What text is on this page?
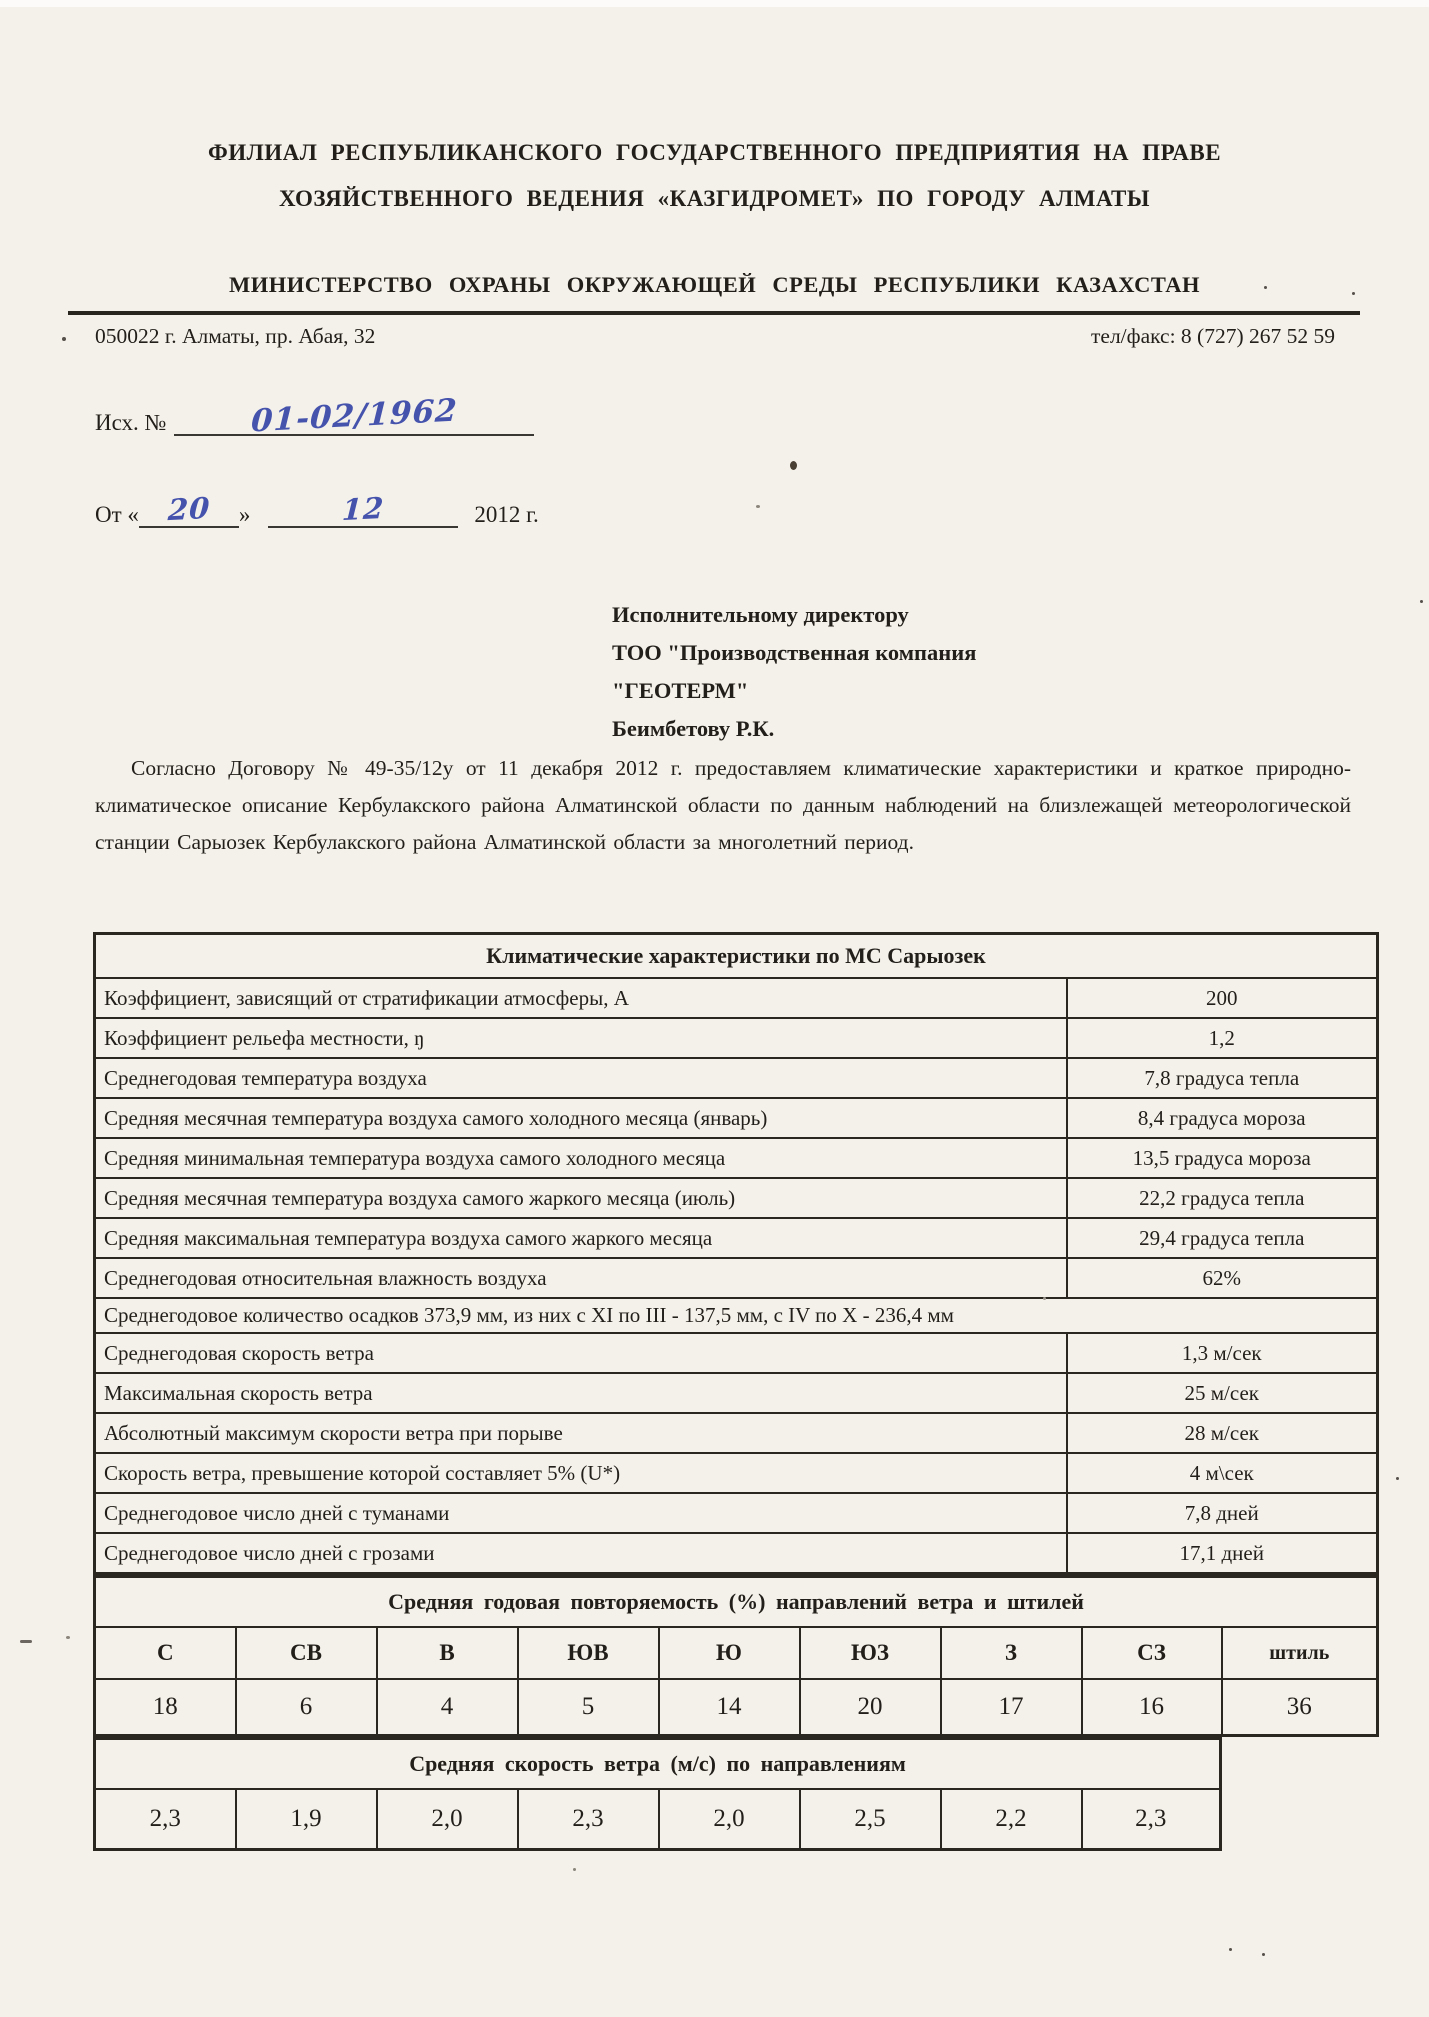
ФИЛИАЛ РЕСПУБЛИКАНСКОГО ГОСУДАРСТВЕННОГО ПРЕДПРИЯТИЯ НА ПРАВЕ
ХОЗЯЙСТВЕННОГО ВЕДЕНИЯ «КАЗГИДРОМЕТ» ПО ГОРОДУ АЛМАТЫ
МИНИСТЕРСТВО ОХРАНЫ ОКРУЖАЮЩЕЙ СРЕДЫ РЕСПУБЛИКИ КАЗАХСТАН
050022 г. Алматы, пр. Абая, 32	тел/факс: 8 (727) 267 52 59
Исх. №	01-02/1962
От « 20	»	12	2012 г.
Исполнительному директору
ТОО "Производственная компания
"ГЕОТЕРМ"
Беимбетову Р.К.
Согласно Договору № 49-35/12у от 11 декабря 2012 г. предоставляем климатические характеристики и краткое природно-климатическое описание Кербулакского района Алматинской области по данным наблюдений на близлежащей метеорологической станции Сарыозек Кербулакского района Алматинской области за многолетний период.
Климатические характеристики по МС Сарыозек	
Коэффициент, зависящий от стратификации атмосферы, А	200
Коэффициент рельефа местности, ŋ	1,2
Среднегодовая температура воздуха	7,8 градуса тепла
Средняя месячная температура воздуха самого холодного месяца (январь)	8,4 градуса мороза
Средняя минимальная температура воздуха самого холодного месяца	13,5 градуса мороза
Средняя месячная температура воздуха самого жаркого месяца (июль)	22,2 градуса тепла
Средняя максимальная температура воздуха самого жаркого месяца	29,4 градуса тепла
Среднегодовая относительная влажность воздуха	62%
Среднегодовое количество осадков 373,9 мм, из них с XI по III - 137,5 мм, с IV по X - 236,4 мм	
Среднегодовая скорость ветра	1,3 м/сек
Максимальная скорость ветра	25 м/сек
Абсолютный максимум скорости ветра при порыве	28 м/сек
Скорость ветра, превышение которой составляет 5% (U*)	4 м\сек
Среднегодовое число дней с туманами	7,8 дней
Среднегодовое число дней с грозами	17,1 дней
Средняя годовая повторяемость (%) направлений ветра и штилей								
С	СВ	В	ЮВ	Ю	ЮЗ	З	СЗ	штиль
18	6	4	5	14	20	17	16	36
Средняя скорость ветра (м/с) по направлениям
2,3	1,9	2,0	2,3	2,0	2,5	2,2	2,3
